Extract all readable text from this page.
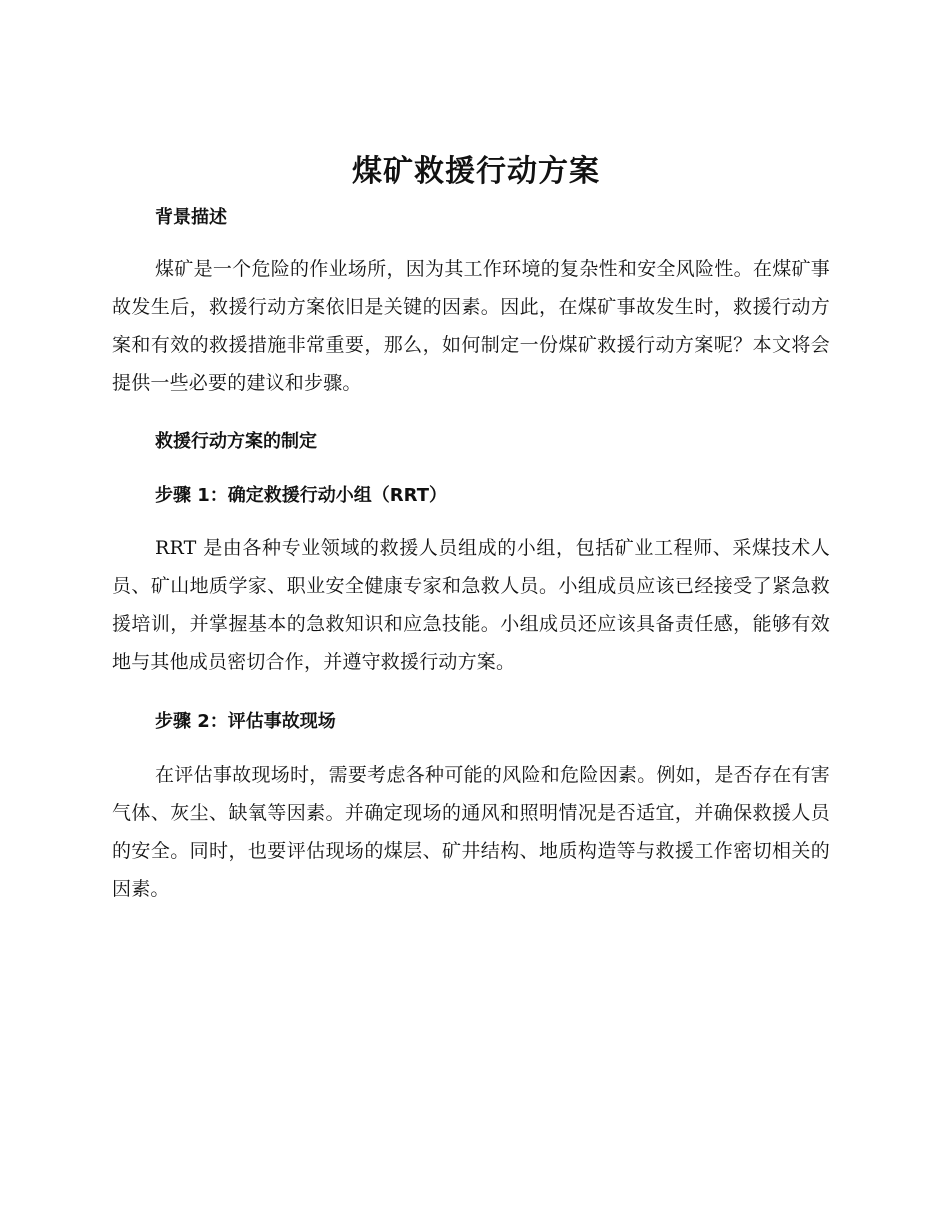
煤矿救援行动方案
背景描述

煤矿是一个危险的作业场所，因为其工作环境的复杂性和安全风险性。在煤矿事故发生后，救援行动方案依旧是关键的因素。因此，在煤矿事故发生时，救援行动方案和有效的救援措施非常重要，那么，如何制定一份煤矿救援行动方案呢？本文将会提供一些必要的建议和步骤。

救援行动方案的制定
步骤 1：确定救援行动小组（RRT）

RRT 是由各种专业领域的救援人员组成的小组，包括矿业工程师、采煤技术人员、矿山地质学家、职业安全健康专家和急救人员。小组成员应该已经接受了紧急救援培训，并掌握基本的急救知识和应急技能。小组成员还应该具备责任感，能够有效地与其他成员密切合作，并遵守救援行动方案。

步骤 2：评估事故现场

在评估事故现场时，需要考虑各种可能的风险和危险因素。例如，是否存在有害气体、灰尘、缺氧等因素。并确定现场的通风和照明情况是否适宜，并确保救援人员的安全。同时，也要评估现场的煤层、矿井结构、地质构造等与救援工作密切相关的因素。
